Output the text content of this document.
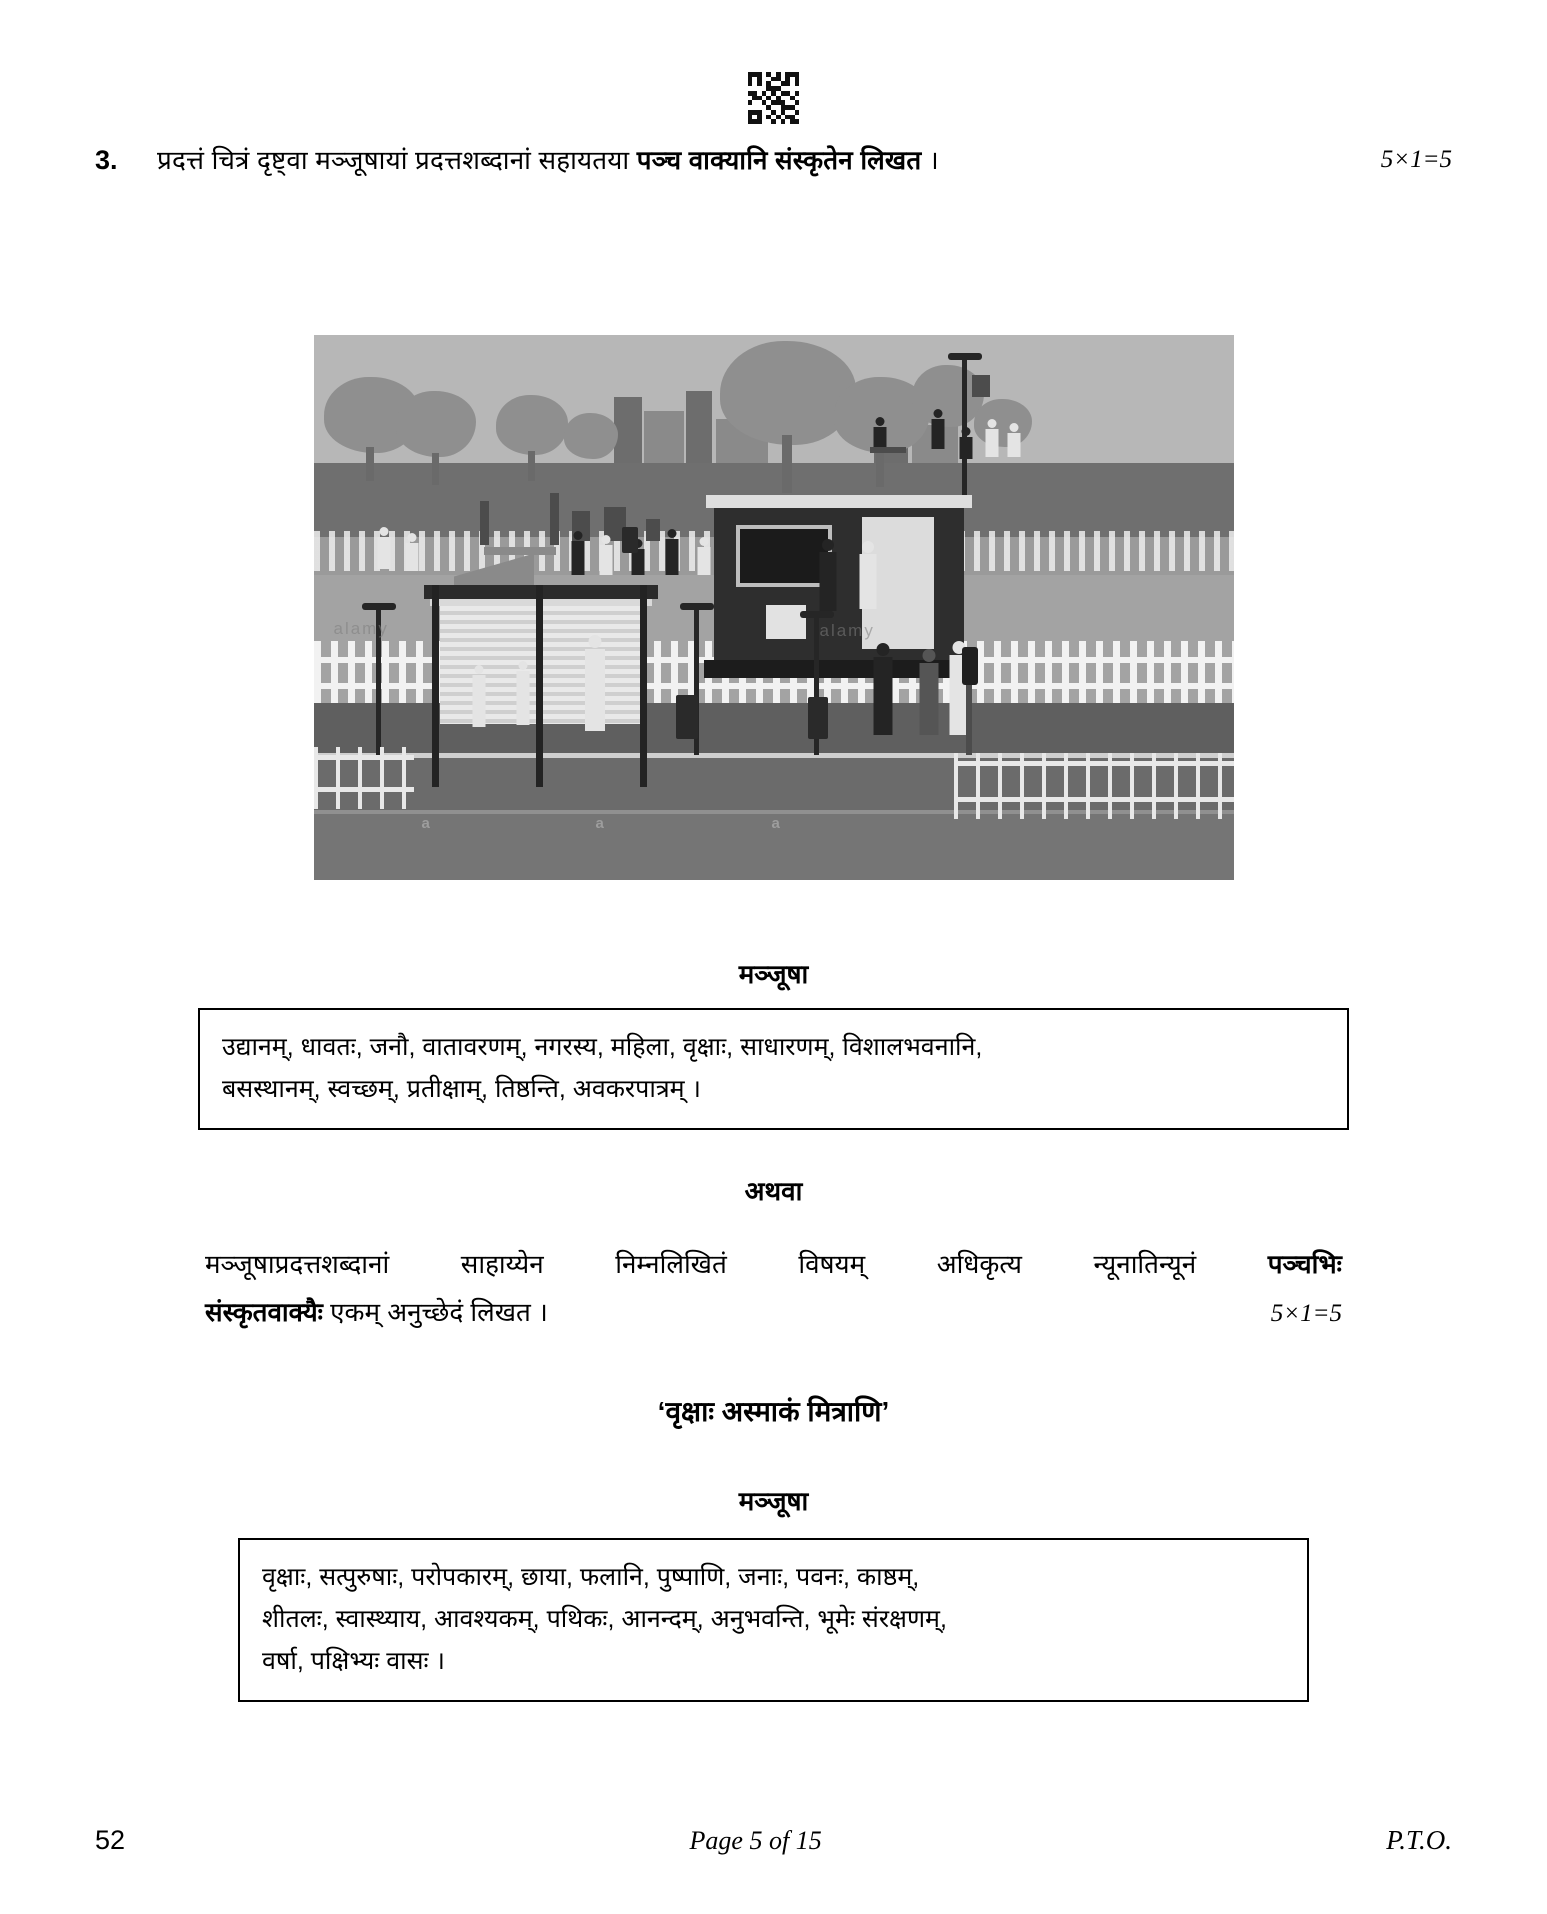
3.	प्रदत्तं चित्रं दृष्ट्वा मञ्जूषायां प्रदत्तशब्दानां सहायतया पञ्च वाक्यानि संस्कृतेन लिखत ।	5×1=5
a	a	a
alamy	alamy
मञ्जूषा
उद्यानम्, धावतः, जनौ, वातावरणम्, नगरस्य, महिला, वृक्षाः, साधारणम्, विशालभवनानि,
बसस्थानम्, स्वच्छम्, प्रतीक्षाम्, तिष्ठन्ति, अवकरपात्रम् ।
अथवा
मञ्जूषाप्रदत्तशब्दानां	साहाय्येन	निम्नलिखितं	विषयम्	अधिकृत्य	न्यूनातिन्यूनं	पञ्चभिः
संस्कृतवाक्यैः एकम् अनुच्छेदं लिखत ।	5×1=5
‘वृक्षाः अस्माकं मित्राणि’
मञ्जूषा
वृक्षाः, सत्पुरुषाः, परोपकारम्, छाया, फलानि, पुष्पाणि, जनाः, पवनः, काष्ठम्,
शीतलः, स्वास्थ्याय, आवश्यकम्, पथिकः, आनन्दम्, अनुभवन्ति, भूमेः संरक्षणम्,
वर्षा, पक्षिभ्यः वासः ।
52	Page 5 of 15	P.T.O.
